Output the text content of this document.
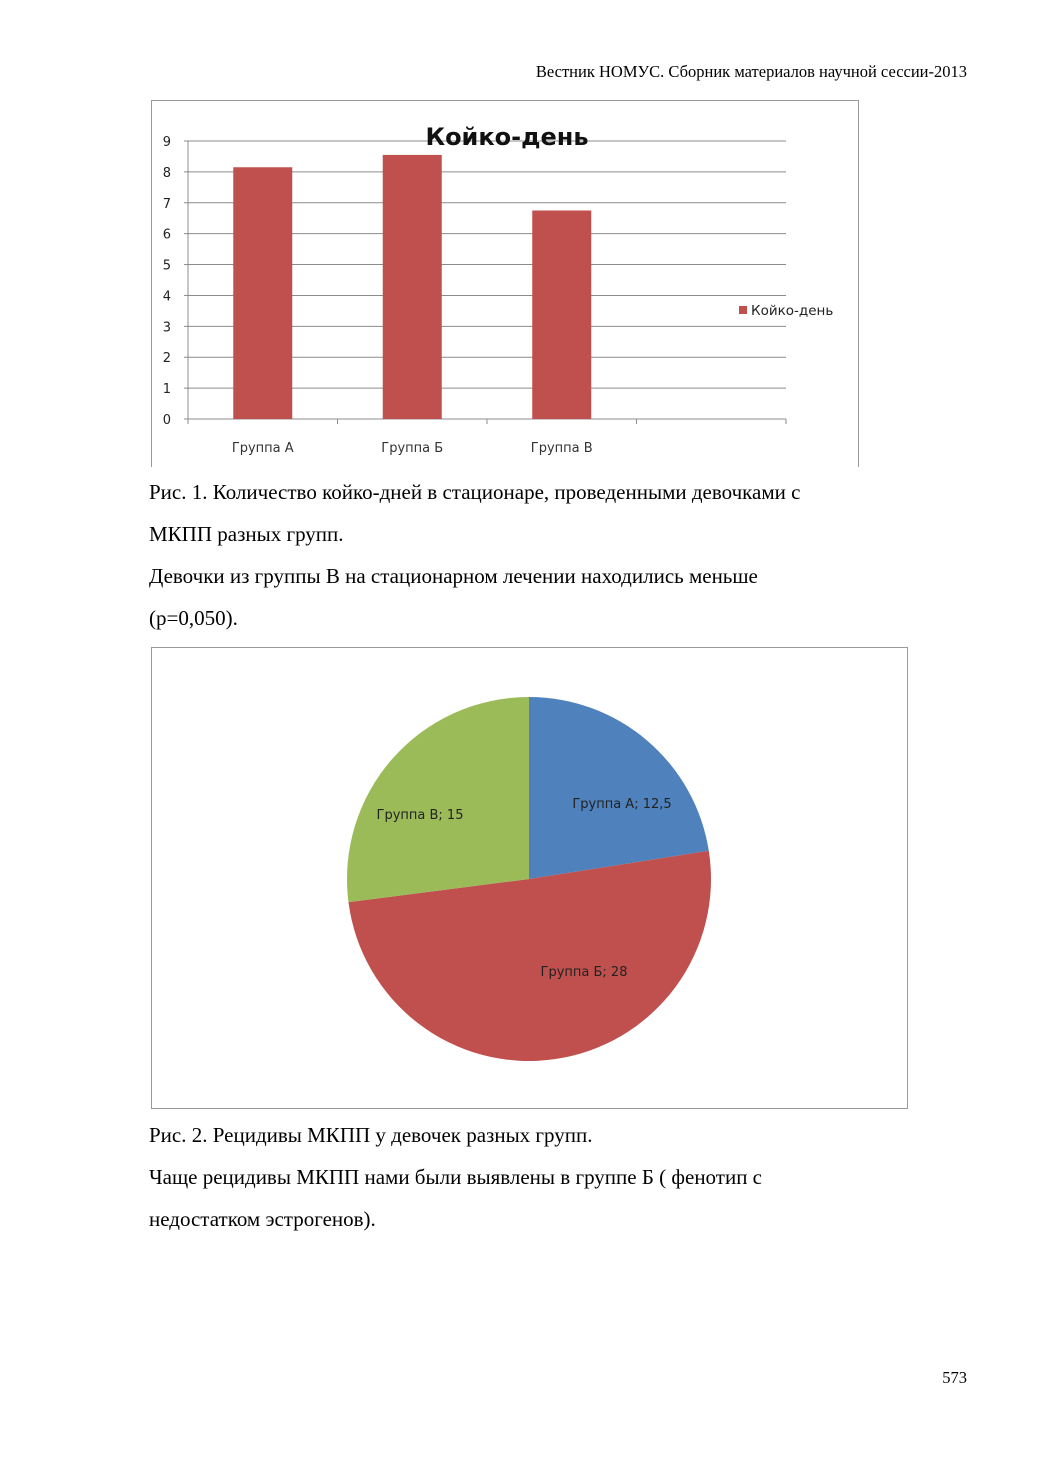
Вестник НОМУС. Сборник материалов научной сессии-2013
0
1
2
3
4
5
6
7
8
9
Группа А	Группа Б	Группа В
Койко-день
Койко-день
Рис. 1. Количество койко-дней в стационаре, проведенными девочками с
МКПП разных групп.
Девочки из группы В на стационарном лечении находились меньше
(р=0,050).
Группа А; 12,5
Группа Б; 28
Группа В; 15
Рис. 2. Рецидивы МКПП у девочек разных групп.
Чаще рецидивы МКПП нами были выявлены в группе Б ( фенотип с
недостатком эстрогенов).
573
